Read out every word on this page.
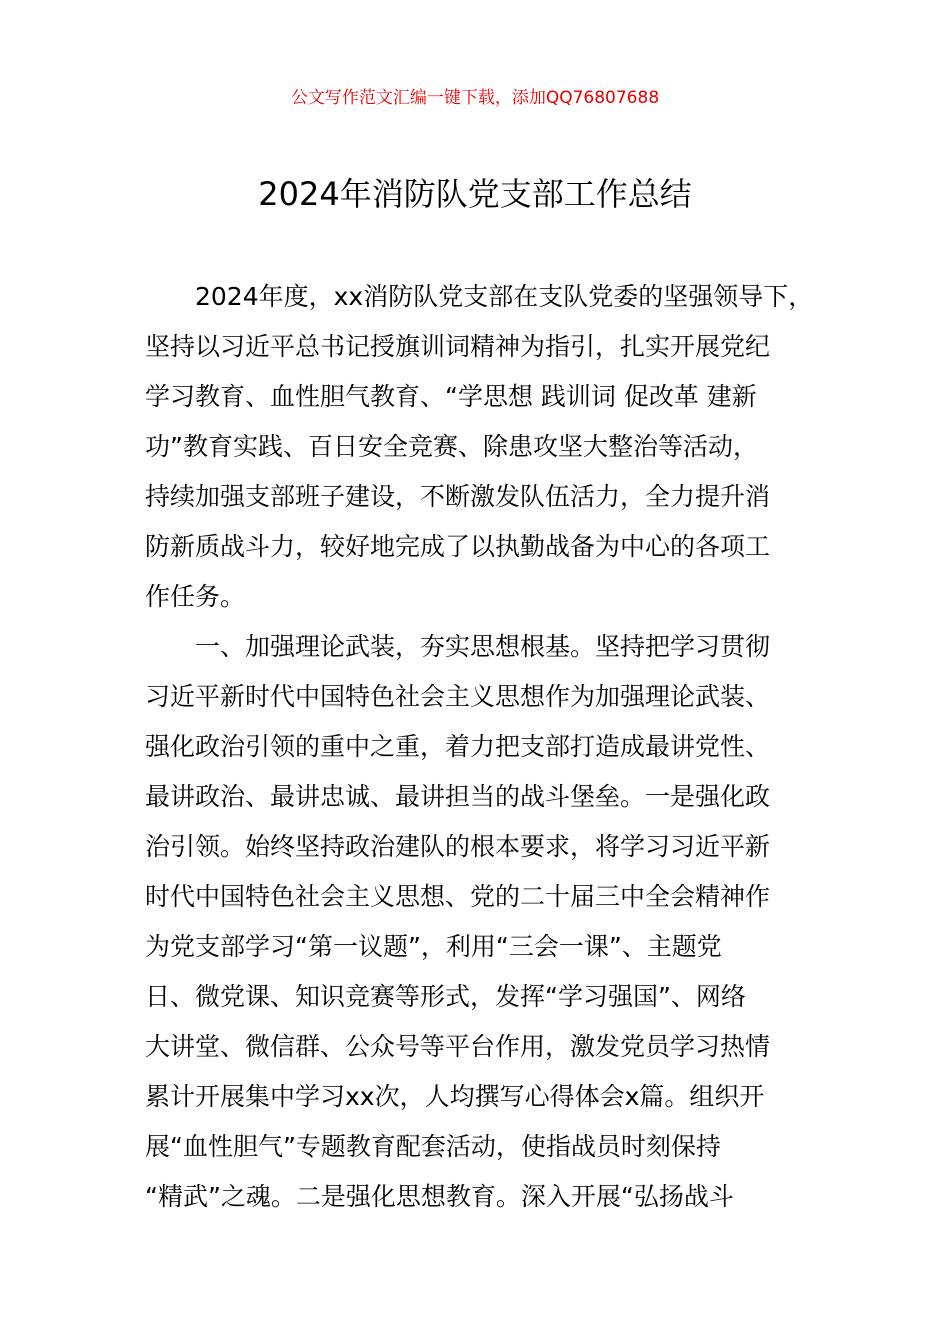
公文写作范文汇编一键下载，添加QQ76807688
2024年消防队党支部工作总结
2024年度，xx消防队党支部在支队党委的坚强领导下，
坚持以习近平总书记授旗训词精神为指引，扎实开展党纪
学习教育、血性胆气教育、“学思想 践训词 促改革 建新
功”教育实践、百日安全竞赛、除患攻坚大整治等活动，
持续加强支部班子建设，不断激发队伍活力，全力提升消
防新质战斗力，较好地完成了以执勤战备为中心的各项工
作任务。
一、加强理论武装，夯实思想根基。坚持把学习贯彻
习近平新时代中国特色社会主义思想作为加强理论武装、
强化政治引领的重中之重，着力把支部打造成最讲党性、
最讲政治、最讲忠诚、最讲担当的战斗堡垒。一是强化政
治引领。始终坚持政治建队的根本要求，将学习习近平新
时代中国特色社会主义思想、党的二十届三中全会精神作
为党支部学习“第一议题”，利用“三会一课”、主题党
日、微党课、知识竞赛等形式，发挥“学习强国”、网络
大讲堂、微信群、公众号等平台作用，激发党员学习热情
累计开展集中学习xx次，人均撰写心得体会x篇。组织开
展“血性胆气”专题教育配套活动，使指战员时刻保持
“精武”之魂。二是强化思想教育。深入开展“弘扬战斗
